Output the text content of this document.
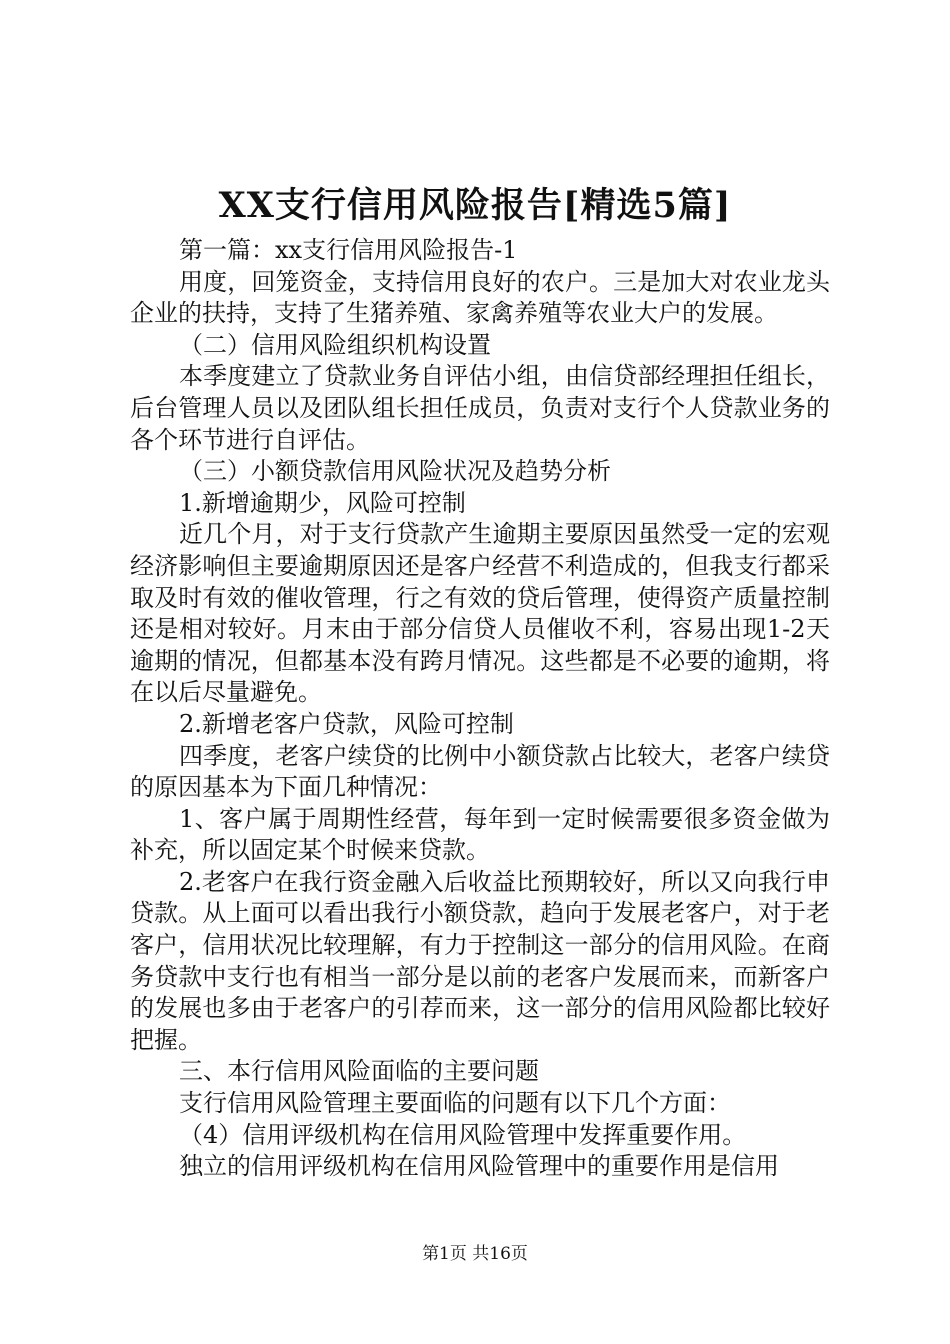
XX支行信用风险报告[精选5篇]

第一篇：xx支行信用风险报告-1

用度，回笼资金，支持信用良好的农户。三是加大对农业龙头企业的扶持，支持了生猪养殖、家禽养殖等农业大户的发展。

（二）信用风险组织机构设置

本季度建立了贷款业务自评估小组，由信贷部经理担任组长，后台管理人员以及团队组长担任成员，负责对支行个人贷款业务的各个环节进行自评估。

（三）小额贷款信用风险状况及趋势分析

1.新增逾期少，风险可控制

近几个月，对于支行贷款产生逾期主要原因虽然受一定的宏观经济影响但主要逾期原因还是客户经营不利造成的，但我支行都采取及时有效的催收管理，行之有效的贷后管理，使得资产质量控制还是相对较好。月末由于部分信贷人员催收不利，容易出现1-2天逾期的情况，但都基本没有跨月情况。这些都是不必要的逾期，将在以后尽量避免。

2.新增老客户贷款，风险可控制

四季度，老客户续贷的比例中小额贷款占比较大，老客户续贷的原因基本为下面几种情况：

1、客户属于周期性经营，每年到一定时候需要很多资金做为补充，所以固定某个时候来贷款。

2.老客户在我行资金融入后收益比预期较好，所以又向我行申贷款。从上面可以看出我行小额贷款，趋向于发展老客户，对于老客户，信用状况比较理解，有力于控制这一部分的信用风险。在商务贷款中支行也有相当一部分是以前的老客户发展而来，而新客户的发展也多由于老客户的引荐而来，这一部分的信用风险都比较好把握。

三、本行信用风险面临的主要问题

支行信用风险管理主要面临的问题有以下几个方面：

（4）信用评级机构在信用风险管理中发挥重要作用。

独立的信用评级机构在信用风险管理中的重要作用是信用

第1页 共16页
